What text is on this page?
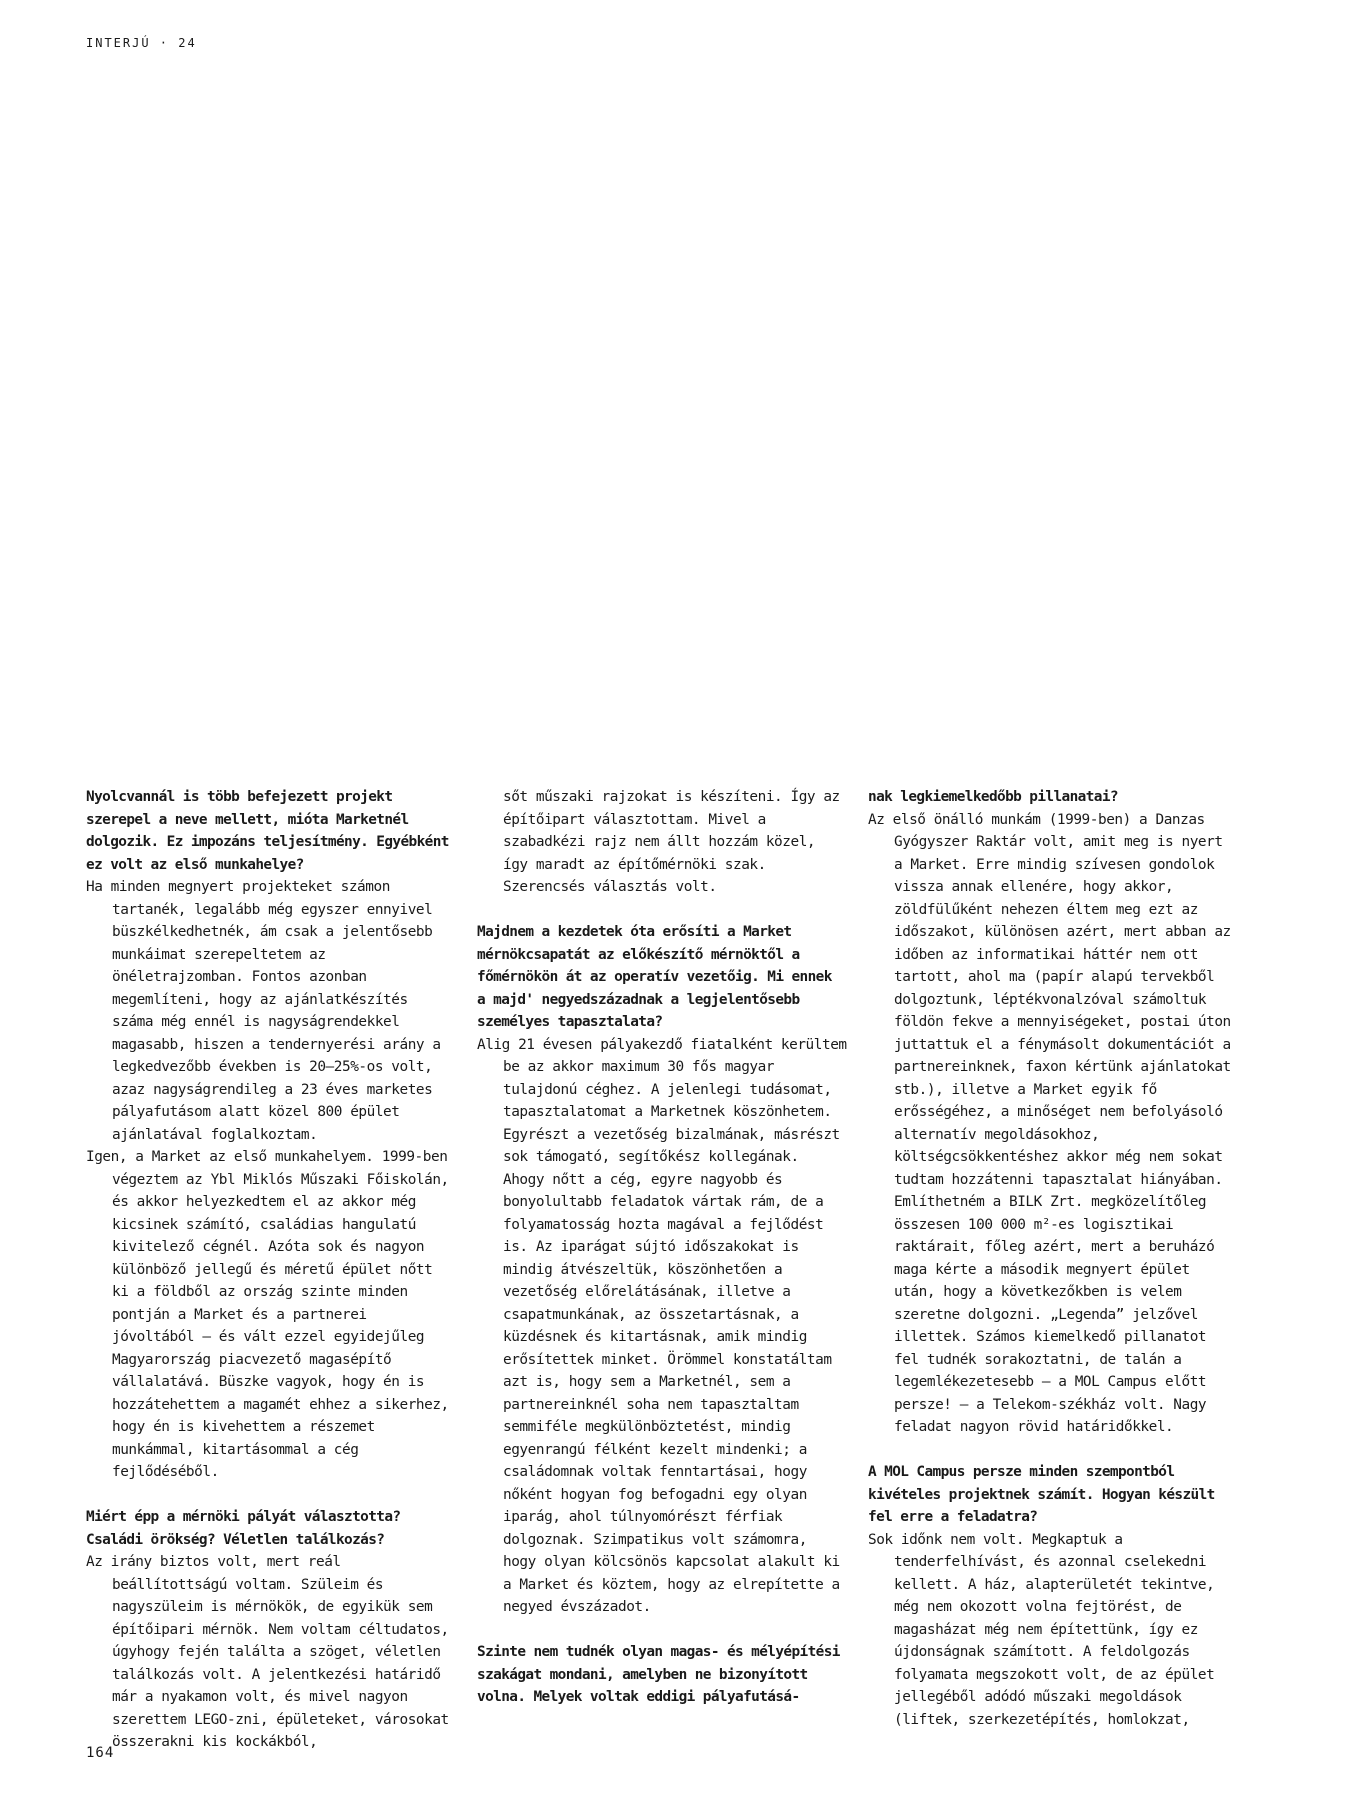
INTERJÚ · 24

Nyolcvannál is több befejezett projekt szerepel a neve mellett, mióta Marketnél dolgozik. Ez impozáns teljesítmény. Egyébként ez volt az első munkahelye?

Ha minden megnyert projekteket számon tartanék, legalább még egyszer ennyivel büszkélkedhetnék, ám csak a jelentősebb munkáimat szerepeltetem az önéletrajzomban. Fontos azonban megemlíteni, hogy az ajánlatkészítés száma még ennél is nagyságrendekkel magasabb, hiszen a tendernyerési arány a legkedvezőbb években is 20–25%-os volt, azaz nagyságrendileg a 23 éves marketes pályafutásom alatt közel 800 épület ajánlatával foglalkoztam.

Igen, a Market az első munkahelyem. 1999-ben végeztem az Ybl Miklós Műszaki Főiskolán, és akkor helyezkedtem el az akkor még kicsinek számító, családias hangulatú kivitelező cégnél. Azóta sok és nagyon különböző jellegű és méretű épület nőtt ki a földből az ország szinte minden pontján a Market és a partnerei jóvoltából – és vált ezzel egyidejűleg Magyarország piacvezető magasépítő vállalatává. Büszke vagyok, hogy én is hozzátehettem a magamét ehhez a sikerhez, hogy én is kivehettem a részemet munkámmal, kitartásommal a cég fejlődéséből.

Miért épp a mérnöki pályát választotta? Családi örökség? Véletlen találkozás?

Az irány biztos volt, mert reál beállítottságú voltam. Szüleim és nagyszüleim is mérnökök, de egyikük sem építőipari mérnök. Nem voltam céltudatos, úgyhogy fején találta a szöget, véletlen találkozás volt. A jelentkezési határidő már a nyakamon volt, és mivel nagyon szerettem LEGO-zni, épületeket, városokat összerakni kis kockákból,

sőt műszaki rajzokat is készíteni. Így az építőipart választottam. Mivel a szabadkézi rajz nem állt hozzám közel, így maradt az építőmérnöki szak. Szerencsés választás volt.

Majdnem a kezdetek óta erősíti a Market mérnökcsapatát az előkészítő mérnöktől a főmérnökön át az operatív vezetőig. Mi ennek a majd' negyedszázadnak a legjelentősebb személyes tapasztalata?

Alig 21 évesen pályakezdő fiatalként kerültem be az akkor maximum 30 fős magyar tulajdonú céghez. A jelenlegi tudásomat, tapasztalatomat a Marketnek köszönhetem. Egyrészt a vezetőség bizalmának, másrészt sok támogató, segítőkész kollegának. Ahogy nőtt a cég, egyre nagyobb és bonyolultabb feladatok vártak rám, de a folyamatosság hozta magával a fejlődést is. Az iparágat sújtó időszakokat is mindig átvészeltük, köszönhetően a vezetőség előrelátásának, illetve a csapatmunkának, az összetartásnak, a küzdésnek és kitartásnak, amik mindig erősítettek minket. Örömmel konstatáltam azt is, hogy sem a Marketnél, sem a partnereinknél soha nem tapasztaltam semmiféle megkülönböztetést, mindig egyenrangú félként kezelt mindenki; a családomnak voltak fenntartásai, hogy nőként hogyan fog befogadni egy olyan iparág, ahol túlnyomórészt férfiak dolgoznak. Szimpatikus volt számomra, hogy olyan kölcsönös kapcsolat alakult ki a Market és köztem, hogy az elrepítette a negyed évszázadot.

Szinte nem tudnék olyan magas- és mélyépítési szakágat mondani, amelyben ne bizonyított volna. Melyek voltak eddigi pályafutásá-

nak legkiemelkedőbb pillanatai?

Az első önálló munkám (1999-ben) a Danzas Gyógyszer Raktár volt, amit meg is nyert a Market. Erre mindig szívesen gondolok vissza annak ellenére, hogy akkor, zöldfülűként nehezen éltem meg ezt az időszakot, különösen azért, mert abban az időben az informatikai háttér nem ott tartott, ahol ma (papír alapú tervekből dolgoztunk, léptékvonalzóval számoltuk földön fekve a mennyiségeket, postai úton juttattuk el a fénymásolt dokumentációt a partnereinknek, faxon kértünk ajánlatokat stb.), illetve a Market egyik fő erősségéhez, a minőséget nem befolyásoló alternatív megoldásokhoz, költségcsökkentéshez akkor még nem sokat tudtam hozzátenni tapasztalat hiányában. Említhetném a BILK Zrt. megközelítőleg összesen 100 000 m²-es logisztikai raktárait, főleg azért, mert a beruházó maga kérte a második megnyert épület után, hogy a következőkben is velem szeretne dolgozni. „Legenda” jelzővel illettek. Számos kiemelkedő pillanatot fel tudnék sorakoztatni, de talán a legemlékezetesebb – a MOL Campus előtt persze! – a Telekom-székház volt. Nagy feladat nagyon rövid határidőkkel.

A MOL Campus persze minden szempontból kivételes projektnek számít. Hogyan készült fel erre a feladatra?

Sok időnk nem volt. Megkaptuk a tenderfelhívást, és azonnal cselekedni kellett. A ház, alapterületét tekintve, még nem okozott volna fejtörést, de magasházat még nem építettünk, így ez újdonságnak számított. A feldolgozás folyamata megszokott volt, de az épület jellegéből adódó műszaki megoldások (liftek, szerkezetépítés, homlokzat,

164
